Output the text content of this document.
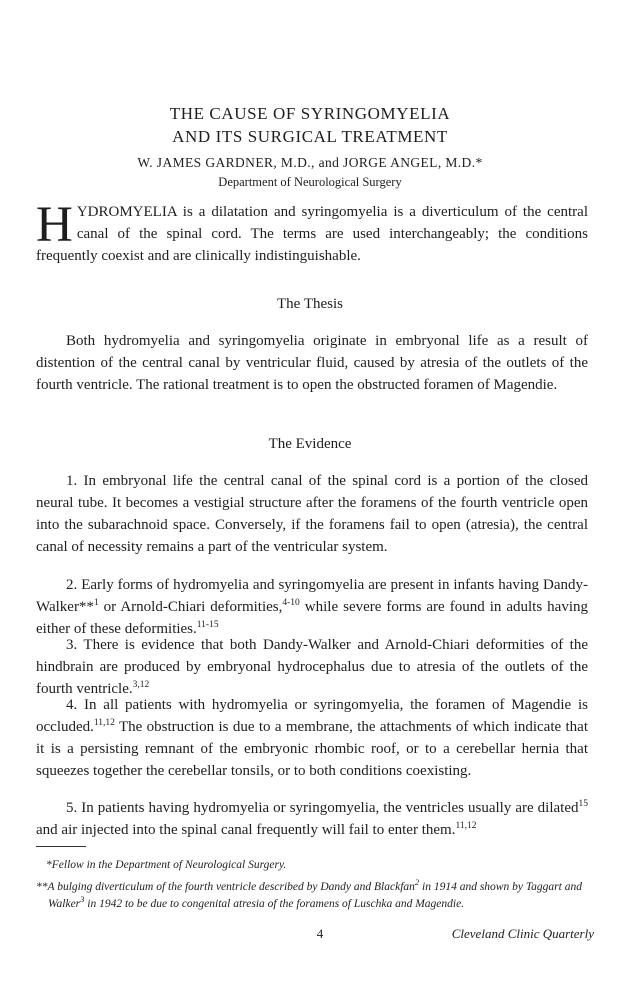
THE CAUSE OF SYRINGOMYELIA
AND ITS SURGICAL TREATMENT
W. JAMES GARDNER, M.D., and JORGE ANGEL, M.D.*
Department of Neurological Surgery
HYDROMYELIA is a dilatation and syringomyelia is a diverticulum of the central canal of the spinal cord. The terms are used interchangeably; the conditions frequently coexist and are clinically indistinguishable.
The Thesis

Both hydromyelia and syringomyelia originate in embryonal life as a result of distention of the central canal by ventricular fluid, caused by atresia of the outlets of the fourth ventricle. The rational treatment is to open the obstructed foramen of Magendie.

The Evidence

1. In embryonal life the central canal of the spinal cord is a portion of the closed neural tube. It becomes a vestigial structure after the foramens of the fourth ventricle open into the subarachnoid space. Conversely, if the foramens fail to open (atresia), the central canal of necessity remains a part of the ventricular system.

2. Early forms of hydromyelia and syringomyelia are present in infants having Dandy-Walker**$^1$ or Arnold-Chiari deformities,$^{4-10}$ while severe forms are found in adults having either of these deformities.$^{11-15}$

3. There is evidence that both Dandy-Walker and Arnold-Chiari deformities of the hindbrain are produced by embryonal hydrocephalus due to atresia of the outlets of the fourth ventricle.$^{3,12}$

4. In all patients with hydromyelia or syringomyelia, the foramen of Magendie is occluded.$^{11,12}$ The obstruction is due to a membrane, the attachments of which indicate that it is a persisting remnant of the embryonic rhombic roof, or to a cerebellar hernia that squeezes together the cerebellar tonsils, or to both conditions coexisting.

5. In patients having hydromyelia or syringomyelia, the ventricles usually are dilated$^{15}$ and air injected into the spinal canal frequently will fail to enter them.$^{11,12}$

*Fellow in the Department of Neurological Surgery.

**A bulging diverticulum of the fourth ventricle described by Dandy and Blackfan$^2$ in 1914 and shown by Taggart and Walker$^3$ in 1942 to be due to congenital atresia of the foramens of Luschka and Magendie.

4	Cleveland Clinic Quarterly
